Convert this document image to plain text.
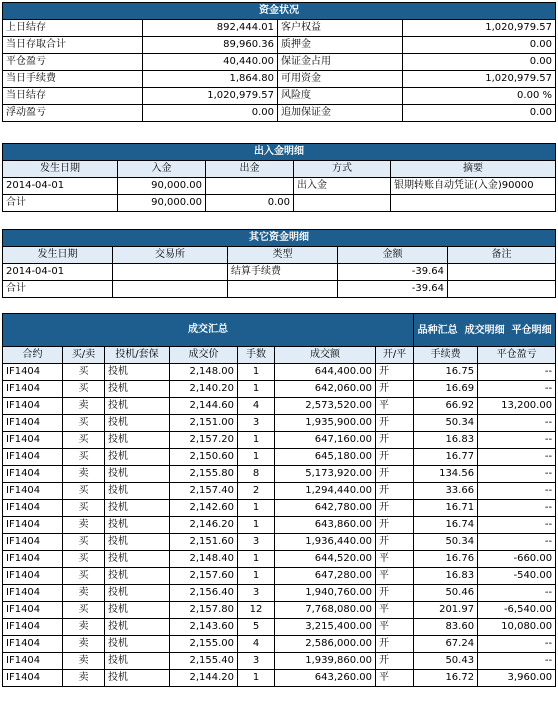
资金状况			
上日结存	892,444.01	客户权益	1,020,979.57
当日存取合计	89,960.36	质押金	0.00
平仓盈亏	40,440.00	保证金占用	0.00
当日手续费	1,864.80	可用资金	1,020,979.57
当日结存	1,020,979.57	风险度	0.00 %
浮动盈亏	0.00	追加保证金	0.00
出入金明细				
发生日期	入金	出金	方式	摘要
2014-04-01	90,000.00		出入金	银期转账自动凭证(入金)90000
合计	90,000.00	0.00		
其它资金明细				
发生日期	交易所	类型	金额	备注
2014-04-01		结算手续费	-39.64	
合计			-39.64	
成交汇总							品种汇总 成交明细 平仓明细	

合约	买/卖	投机/套保	成交价	手数	成交额	开/平	手续费	平仓盈亏
IF1404	买	投机	2,148.00	1	644,400.00	开	16.75	--
IF1404	买	投机	2,140.20	1	642,060.00	开	16.69	--
IF1404	卖	投机	2,144.60	4	2,573,520.00	平	66.92	13,200.00
IF1404	买	投机	2,151.00	3	1,935,900.00	开	50.34	--
IF1404	买	投机	2,157.20	1	647,160.00	开	16.83	--
IF1404	买	投机	2,150.60	1	645,180.00	开	16.77	--
IF1404	卖	投机	2,155.80	8	5,173,920.00	开	134.56	--
IF1404	买	投机	2,157.40	2	1,294,440.00	开	33.66	--
IF1404	买	投机	2,142.60	1	642,780.00	开	16.71	--
IF1404	卖	投机	2,146.20	1	643,860.00	开	16.74	--
IF1404	买	投机	2,151.60	3	1,936,440.00	开	50.34	--
IF1404	买	投机	2,148.40	1	644,520.00	平	16.76	-660.00
IF1404	买	投机	2,157.60	1	647,280.00	平	16.83	-540.00
IF1404	卖	投机	2,156.40	3	1,940,760.00	开	50.46	--
IF1404	买	投机	2,157.80	12	7,768,080.00	平	201.97	-6,540.00
IF1404	卖	投机	2,143.60	5	3,215,400.00	平	83.60	10,080.00
IF1404	卖	投机	2,155.00	4	2,586,000.00	开	67.24	--
IF1404	卖	投机	2,155.40	3	1,939,860.00	开	50.43	--
IF1404	卖	投机	2,144.20	1	643,260.00	平	16.72	3,960.00
